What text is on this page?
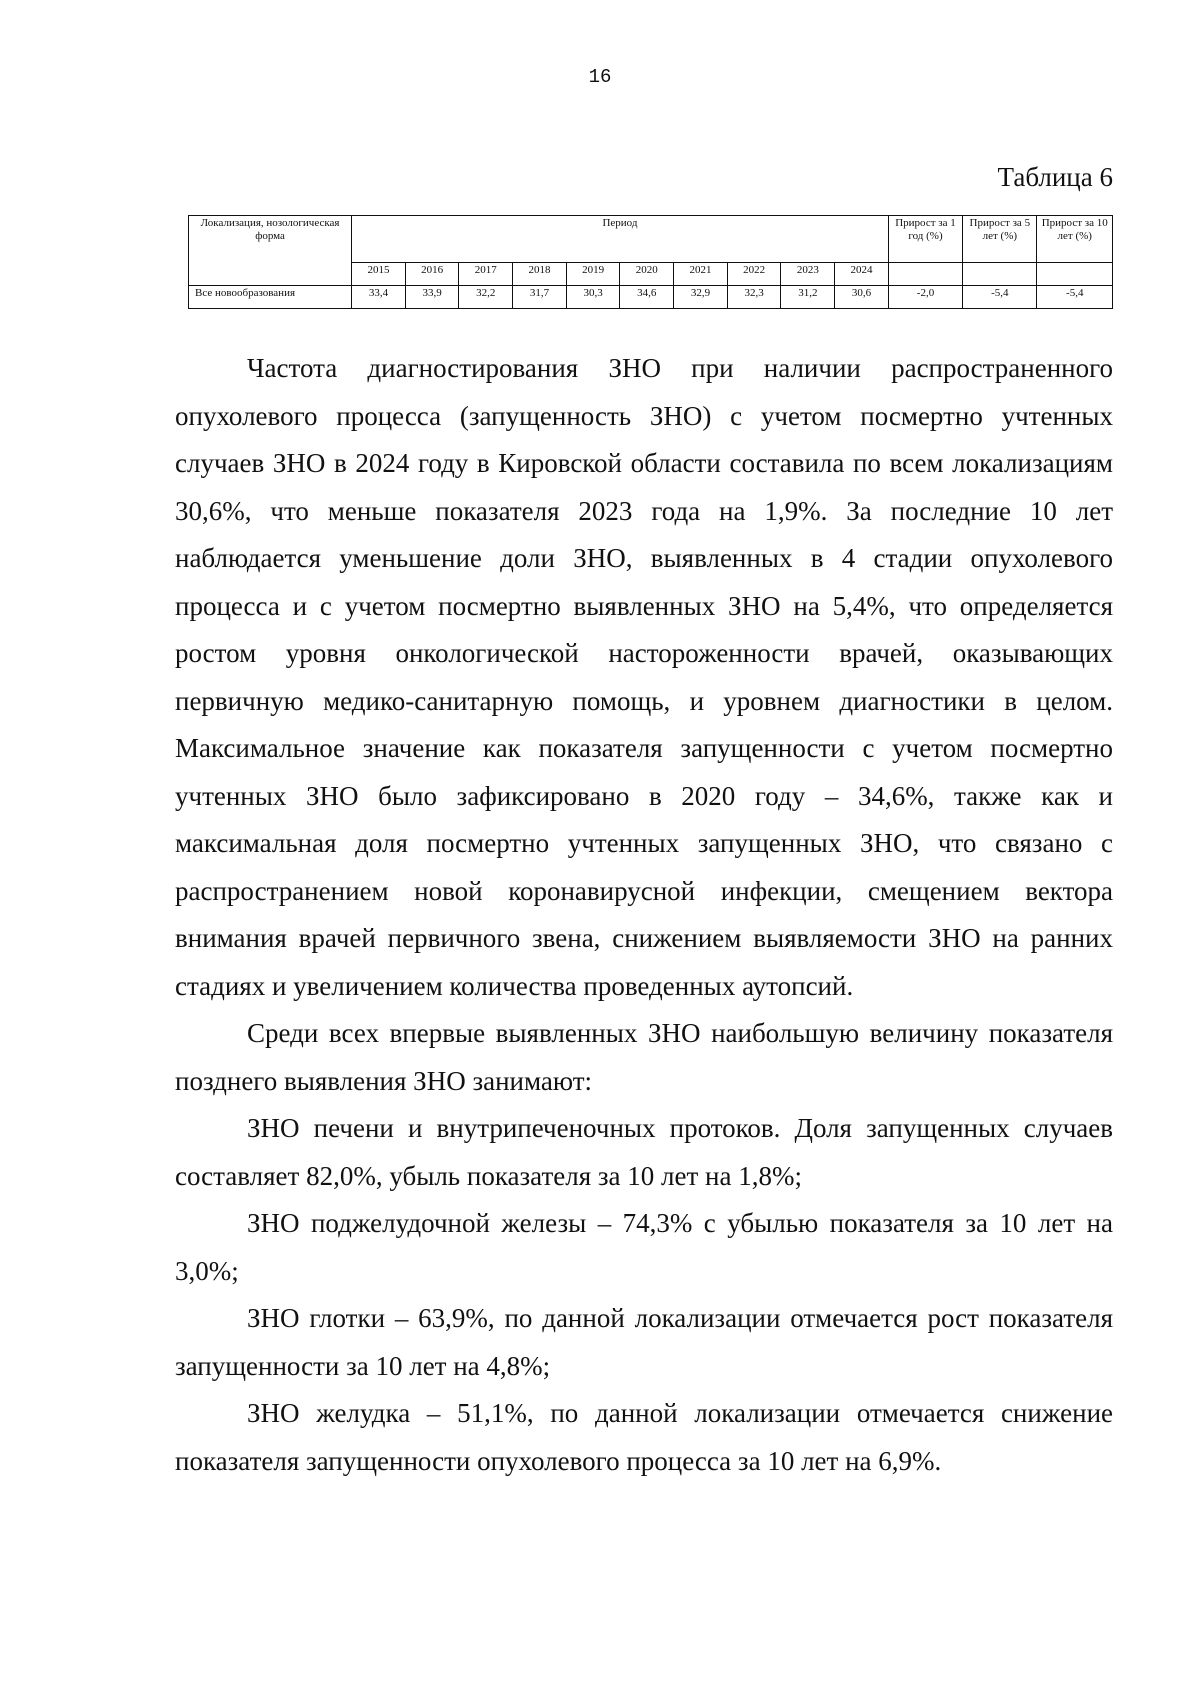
16
Таблица 6
Локализация, нозологическая форма	Период										Прирост за 1 год (%)	Прирост за 5 лет (%)	Прирост за 10 лет (%)
	2015	2016	2017	2018	2019	2020	2021	2022	2023	2024			
Все новообразования	33,4	33,9	32,2	31,7	30,3	34,6	32,9	32,3	31,2	30,6	-2,0	-5,4	-5,4

Частота диагностирования ЗНО при наличии распространенного опухолевого процесса (запущенность ЗНО) с учетом посмертно учтенных случаев ЗНО в 2024 году в Кировской области составила по всем локализациям 30,6%, что меньше показателя 2023 года на 1,9%. За последние 10 лет наблюдается уменьшение доли ЗНО, выявленных в 4 стадии опухолевого процесса и с учетом посмертно выявленных ЗНО на 5,4%, что определяется ростом уровня онкологической настороженности врачей, оказывающих первичную медико-санитарную помощь, и уровнем диагностики в целом. Максимальное значение как показателя запущенности с учетом посмертно учтенных ЗНО было зафиксировано в 2020 году – 34,6%, также как и максимальная доля посмертно учтенных запущенных ЗНО, что связано с распространением новой коронавирусной инфекции, смещением вектора внимания врачей первичного звена, снижением выявляемости ЗНО на ранних стадиях и увеличением количества проведенных аутопсий.

Среди всех впервые выявленных ЗНО наибольшую величину показателя позднего выявления ЗНО занимают:

ЗНО печени и внутрипеченочных протоков. Доля запущенных случаев составляет 82,0%, убыль показателя за 10 лет на 1,8%;

ЗНО поджелудочной железы – 74,3% с убылью показателя за 10 лет на 3,0%;

ЗНО глотки – 63,9%, по данной локализации отмечается рост показателя запущенности за 10 лет на 4,8%;

ЗНО желудка – 51,1%, по данной локализации отмечается снижение показателя запущенности опухолевого процесса за 10 лет на 6,9%.
